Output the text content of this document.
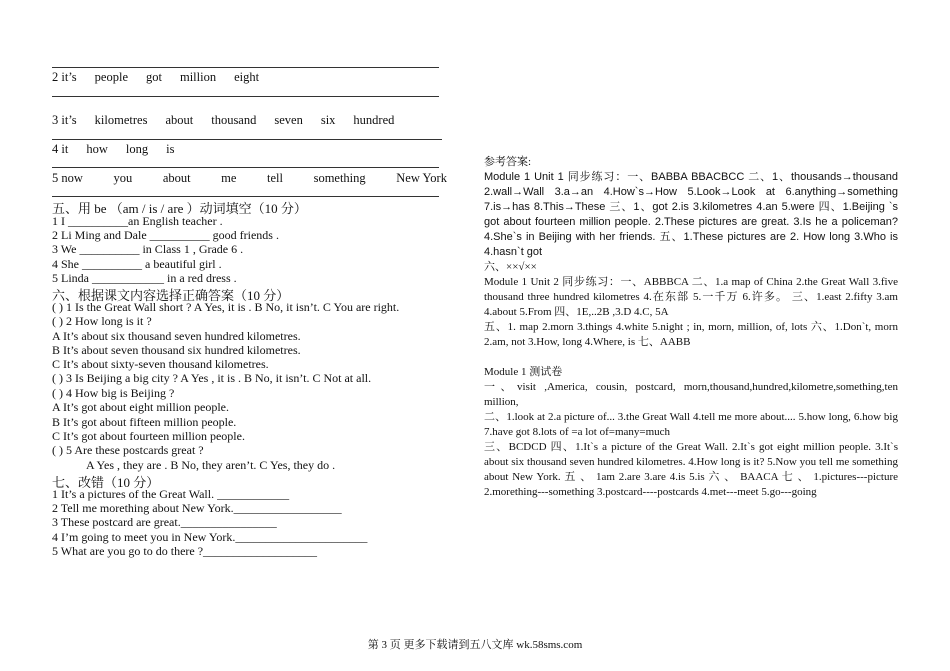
2 it’s people got million eight
3 it’s kilometres about thousand seven six hundred
4 it how long is
5 now you about me tell something New York
五、用 be （am / is / are ）动词填空（10 分）
1 I __________an English teacher .
2 Li Ming and Dale __________ good friends .
3 We __________ in Class 1 , Grade 6 .
4 She __________ a beautiful girl .
5 Linda ____________ in a red dress .
六、根据课文内容选择正确答案（10 分）
( ) 1 Is the Great Wall short ? A Yes, it is . B No, it isn’t. C You are right.
( ) 2 How long is it ?
A It’s about six thousand seven hundred kilometres.
B It’s about seven thousand six hundred kilometres.
C It’s about sixty-seven thousand kilometres.
( ) 3 Is Beijing a big city ? A Yes , it is . B No, it isn’t. C Not at all.
( ) 4 How big is Beijing ?
A It’s got about eight million people.
B It’s got about fifteen million people.
C It’s got about fourteen million people.
( ) 5 Are these postcards great ?
A Yes , they are . B No, they aren’t. C Yes, they do .
七、改错（10 分）
1 It’s a pictures of the Great Wall. ____________
2 Tell me morething about New York.__________________
3 These postcard are great.________________
4 I’m going to meet you in New York.______________________
5 What are you go to do there ?___________________

参考答案:

Module 1 Unit 1 同步练习：一、BABBA BBACBCC 二、1、thousands→thousand 2.wall→Wall 3.a→an 4.How`s→How 5.Look→Look at 6.anything→something 7.is→has 8.This→These 三、1、got 2.is 3.kilometres 4.an 5.were 四、1.Beijing `s got about fourteen million people. 2.These pictures are great. 3.Is he a policeman? 4.She`s in Beijing with her friends. 五、1.These pictures are 2. How long 3.Who is 4.hasn`t got

六、××√××

Module 1 Unit 2 同步练习：一、ABBBCA 二、1.a map of China 2.the Great Wall 3.five thousand three hundred kilometres 4.在东部 5.一千万 6.许多。 三、1.east 2.fifty 3.am 4.about 5.From 四、1E,..2B ,3.D 4.C, 5A

五、1. map 2.morn 3.things 4.white 5.night ; in, morn, million, of, lots 六、1.Don`t, morn 2.am, not 3.How, long 4.Where, is 七、AABB

Module 1 测试卷

一、visit ,America, cousin, postcard, morn,thousand,hundred,kilometre,something,ten million,

二、1.look at 2.a picture of... 3.the Great Wall 4.tell me more about.... 5.how long, 6.how big 7.have got 8.lots of =a lot of=many=much

三、BCDCD 四、1.It`s a picture of the Great Wall. 2.It`s got eight million people. 3.It`s about six thousand seven hundred kilometres. 4.How long is it? 5.Now you tell me something about New York. 五 、 1am 2.are 3.are 4.is 5.is 六 、 BAACA 七 、 1.pictures---picture 2.morething---something 3.postcard----postcards 4.met---meet 5.go---going

第 3 页 更多下载请到五八文库 wk.58sms.com
